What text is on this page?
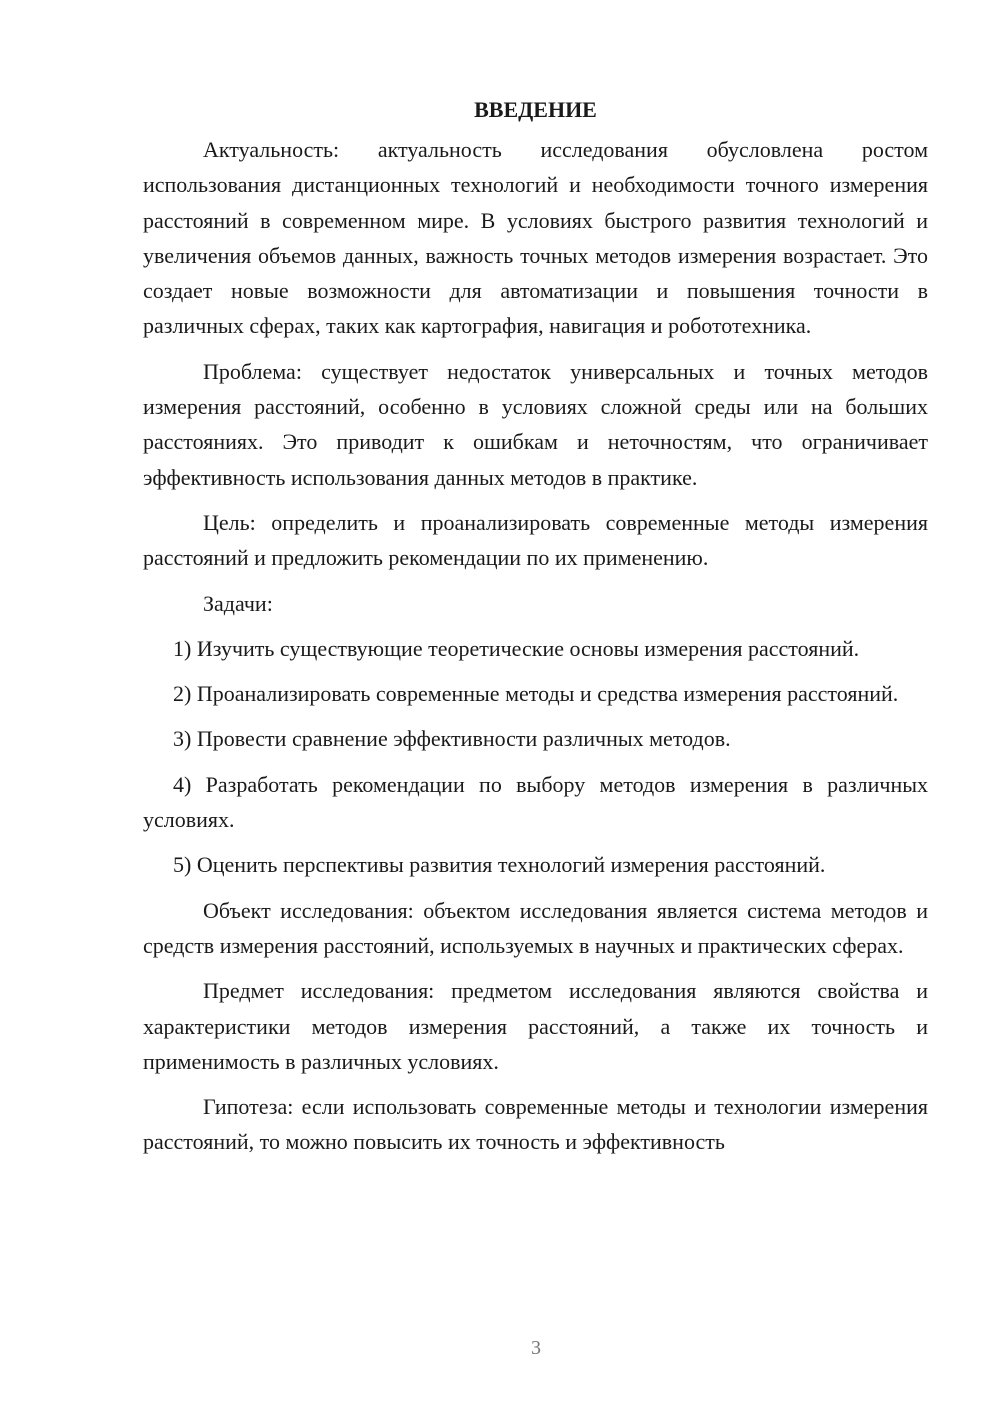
ВВЕДЕНИЕ

Актуальность: актуальность исследования обусловлена ростом использования дистанционных технологий и необходимости точного измерения расстояний в современном мире. В условиях быстрого развития технологий и увеличения объемов данных, важность точных методов измерения возрастает. Это создает новые возможности для автоматизации и повышения точности в различных сферах, таких как картография, навигация и робототехника.

Проблема: существует недостаток универсальных и точных методов измерения расстояний, особенно в условиях сложной среды или на больших расстояниях. Это приводит к ошибкам и неточностям, что ограничивает эффективность использования данных методов в практике.

Цель: определить и проанализировать современные методы измерения расстояний и предложить рекомендации по их применению.

Задачи:

1) Изучить существующие теоретические основы измерения расстояний.

2) Проанализировать современные методы и средства измерения расстояний.

3) Провести сравнение эффективности различных методов.

4) Разработать рекомендации по выбору методов измерения в различных условиях.

5) Оценить перспективы развития технологий измерения расстояний.

Объект исследования: объектом исследования является система методов и средств измерения расстояний, используемых в научных и практических сферах.

Предмет исследования: предметом исследования являются свойства и характеристики методов измерения расстояний, а также их точность и применимость в различных условиях.

Гипотеза: если использовать современные методы и технологии измерения расстояний, то можно повысить их точность и эффективность

3
